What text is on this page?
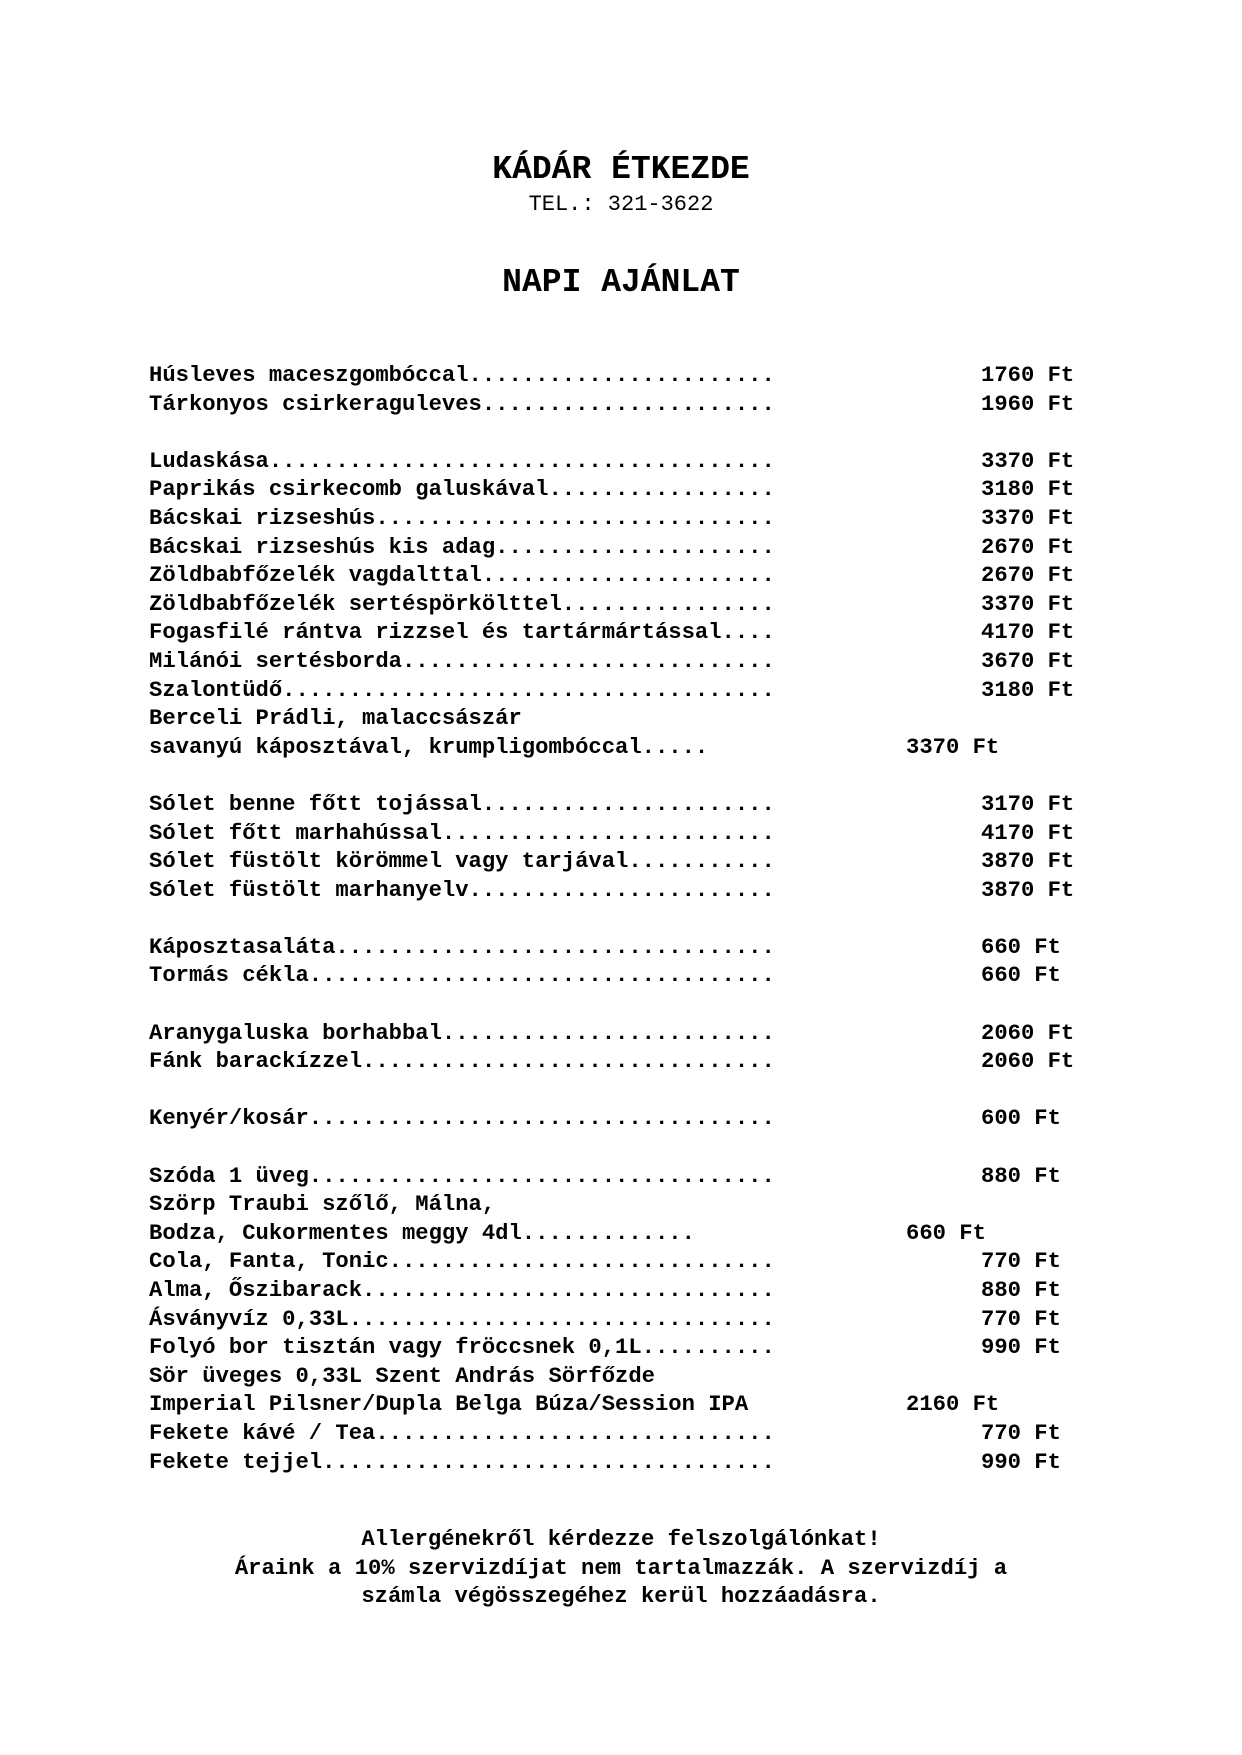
KÁDÁR ÉTKEZDE
TEL.: 321-3622
NAPI AJÁNLAT
Húsleves maceszgombóccal.......................	1760 Ft
Tárkonyos csirkeraguleves......................	1960 Ft
Ludaskása......................................	3370 Ft
Paprikás csirkecomb galuskával.................	3180 Ft
Bácskai rizseshús..............................	3370 Ft
Bácskai rizseshús kis adag.....................	2670 Ft
Zöldbabfőzelék vagdalttal......................	2670 Ft
Zöldbabfőzelék sertéspörkölttel................	3370 Ft
Fogasfilé rántva rizzsel és tartármártással....	4170 Ft
Milánói sertésborda............................	3670 Ft
Szalontüdő.....................................	3180 Ft
Berceli Prádli, malaccsászár
savanyú káposztával, krumpligombóccal.....	3370 Ft
Sólet benne főtt tojással......................	3170 Ft
Sólet főtt marhahússal.........................	4170 Ft
Sólet füstölt körömmel vagy tarjával...........	3870 Ft
Sólet füstölt marhanyelv.......................	3870 Ft
Káposztasaláta.................................	660 Ft
Tormás cékla...................................	660 Ft
Aranygaluska borhabbal.........................	2060 Ft
Fánk barackízzel...............................	2060 Ft
Kenyér/kosár...................................	600 Ft
Szóda 1 üveg...................................	880 Ft
Szörp Traubi szőlő, Málna,
Bodza, Cukormentes meggy 4dl.............	660 Ft
Cola, Fanta, Tonic.............................	770 Ft
Alma, Őszibarack...............................	880 Ft
Ásványvíz 0,33L................................	770 Ft
Folyó bor tisztán vagy fröccsnek 0,1L..........	990 Ft
Sör üveges 0,33L Szent András Sörfőzde
Imperial Pilsner/Dupla Belga Búza/Session IPA	2160 Ft
Fekete kávé / Tea..............................	770 Ft
Fekete tejjel..................................	990 Ft
Allergénekről kérdezze felszolgálónkat!
Áraink a 10% szervizdíjat nem tartalmazzák. A szervizdíj a
számla végösszegéhez kerül hozzáadásra.
